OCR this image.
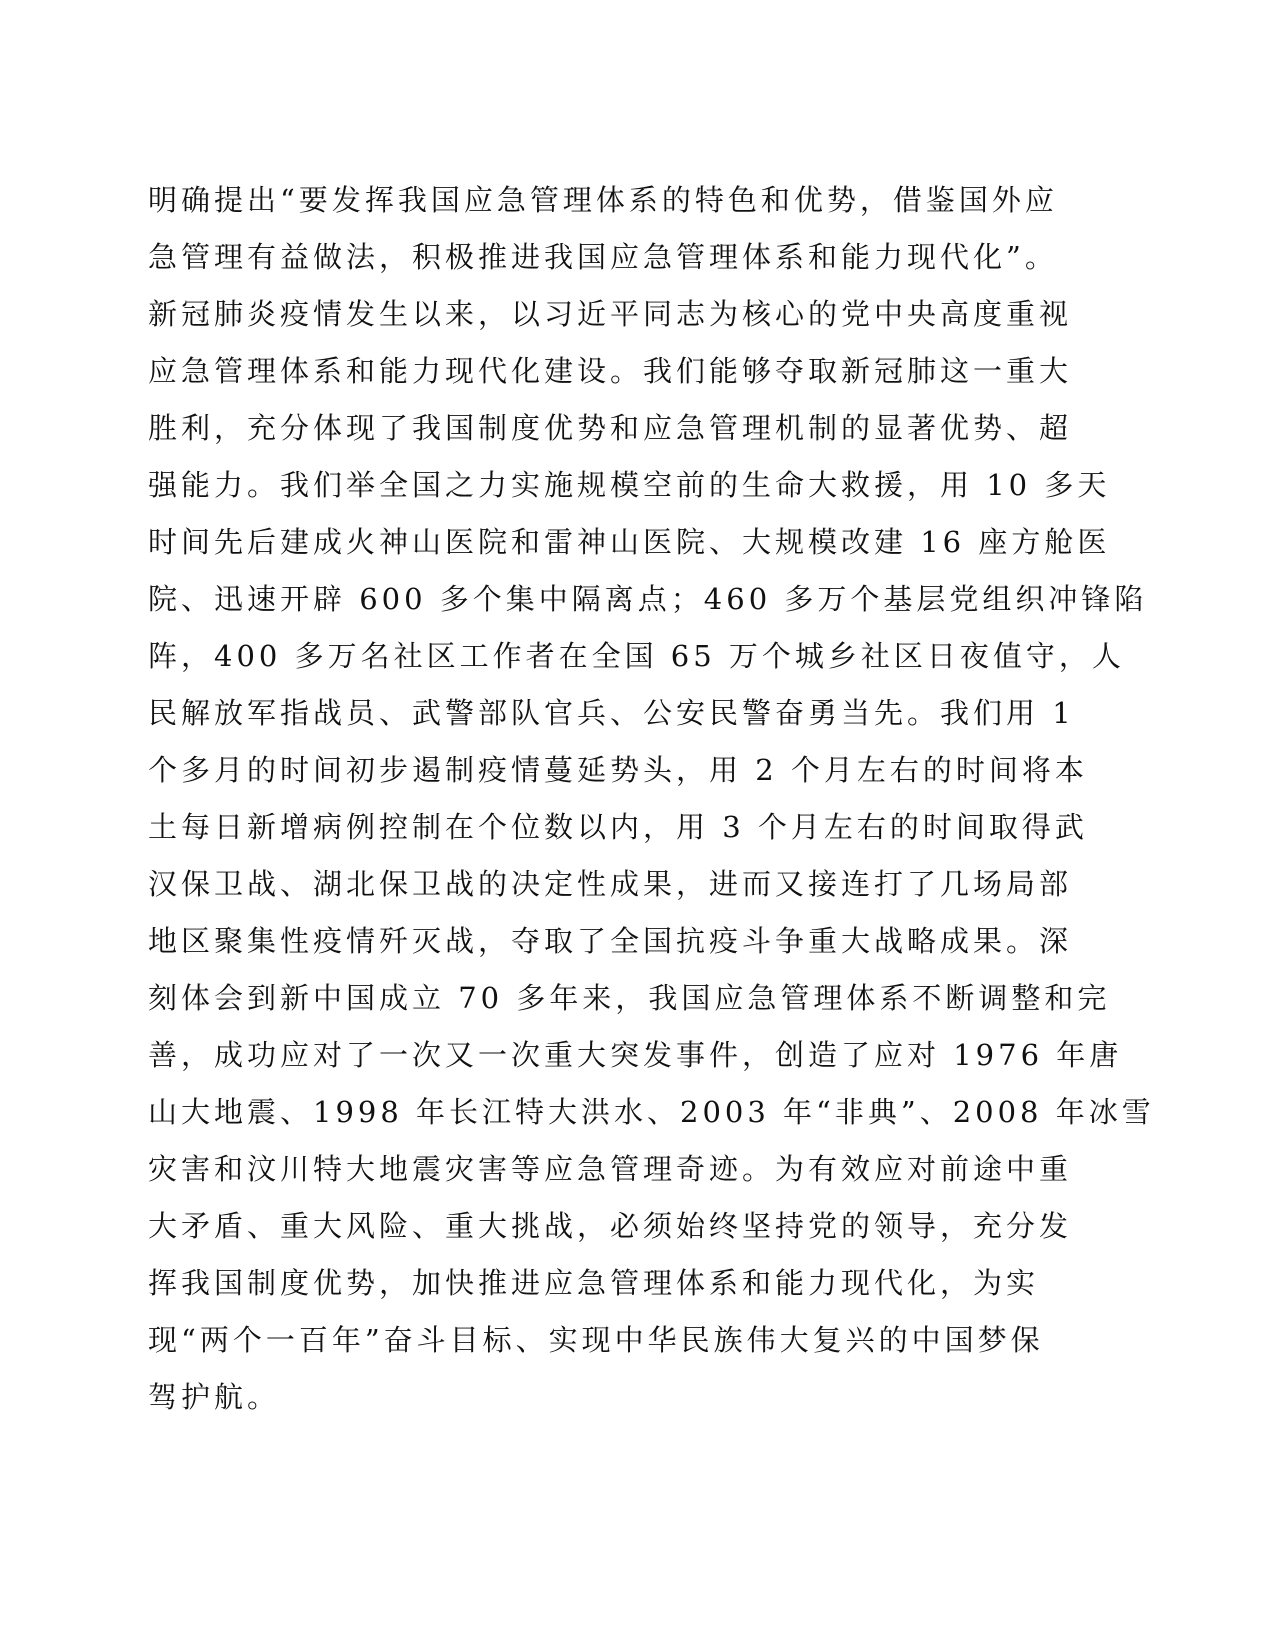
明确提出“要发挥我国应急管理体系的特色和优势，借鉴国外应
急管理有益做法，积极推进我国应急管理体系和能力现代化”。
新冠肺炎疫情发生以来，以习近平同志为核心的党中央高度重视
应急管理体系和能力现代化建设。我们能够夺取新冠肺这一重大
胜利，充分体现了我国制度优势和应急管理机制的显著优势、超
强能力。我们举全国之力实施规模空前的生命大救援，用 10 多天
时间先后建成火神山医院和雷神山医院、大规模改建 16 座方舱医
院、迅速开辟 600 多个集中隔离点；460 多万个基层党组织冲锋陷
阵，400 多万名社区工作者在全国 65 万个城乡社区日夜值守，人
民解放军指战员、武警部队官兵、公安民警奋勇当先。我们用 1
个多月的时间初步遏制疫情蔓延势头，用 2 个月左右的时间将本
土每日新增病例控制在个位数以内，用 3 个月左右的时间取得武
汉保卫战、湖北保卫战的决定性成果，进而又接连打了几场局部
地区聚集性疫情歼灭战，夺取了全国抗疫斗争重大战略成果。深
刻体会到新中国成立 70 多年来，我国应急管理体系不断调整和完
善，成功应对了一次又一次重大突发事件，创造了应对 1976 年唐
山大地震、1998 年长江特大洪水、2003 年“非典”、2008 年冰雪
灾害和汶川特大地震灾害等应急管理奇迹。为有效应对前途中重
大矛盾、重大风险、重大挑战，必须始终坚持党的领导，充分发
挥我国制度优势，加快推进应急管理体系和能力现代化，为实
现“两个一百年”奋斗目标、实现中华民族伟大复兴的中国梦保
驾护航。
